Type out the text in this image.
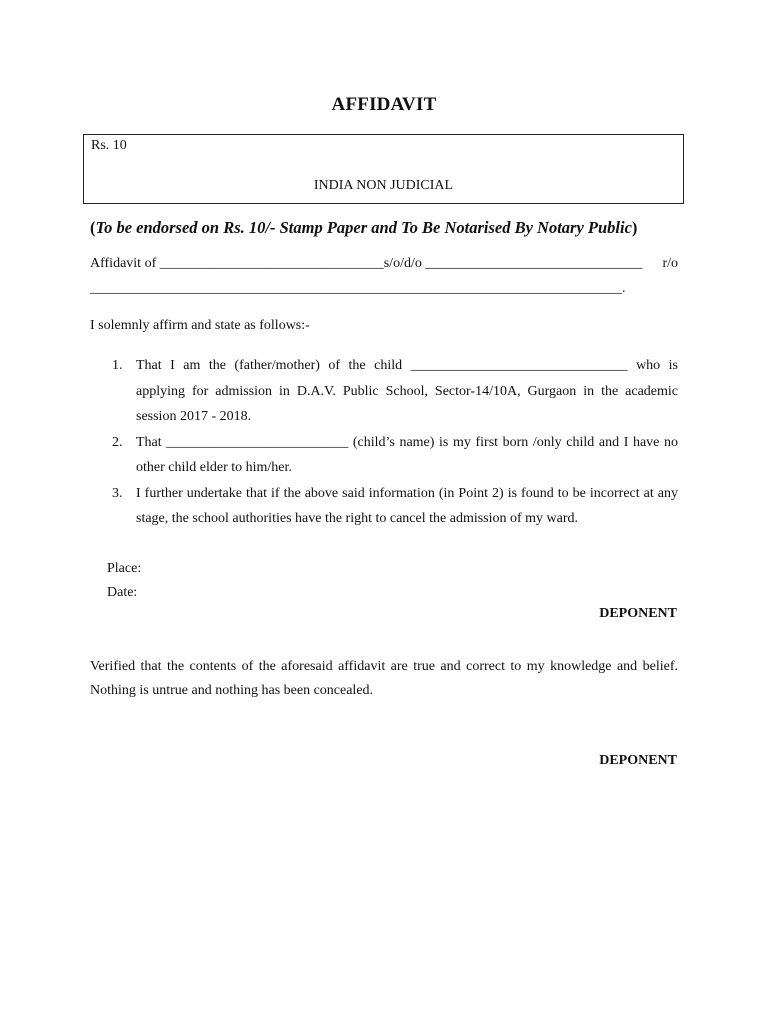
AFFIDAVIT
Rs. 10
INDIA NON JUDICIAL
(To be endorsed on Rs. 10/- Stamp Paper and To Be Notarised By Notary Public)
Affidavit of ________________________________s/o/d/o _______________________________ r/o
____________________________________________________________________________.
I solemnly affirm and state as follows:-
1. That I am the (father/mother) of the child _______________________________ who is
applying for admission in D.A.V. Public School, Sector-14/10A, Gurgaon in the academic session 2017 - 2018.
2. That __________________________ (child’s name) is my first born /only child and I have no other child elder to him/her.
3. I further undertake that if the above said information (in Point 2) is found to be incorrect at any stage, the school authorities have the right to cancel the admission of my ward.
Place:
Date:
DEPONENT
Verified that the contents of the aforesaid affidavit are true and correct to my knowledge and belief. Nothing is untrue and nothing has been concealed.
DEPONENT
